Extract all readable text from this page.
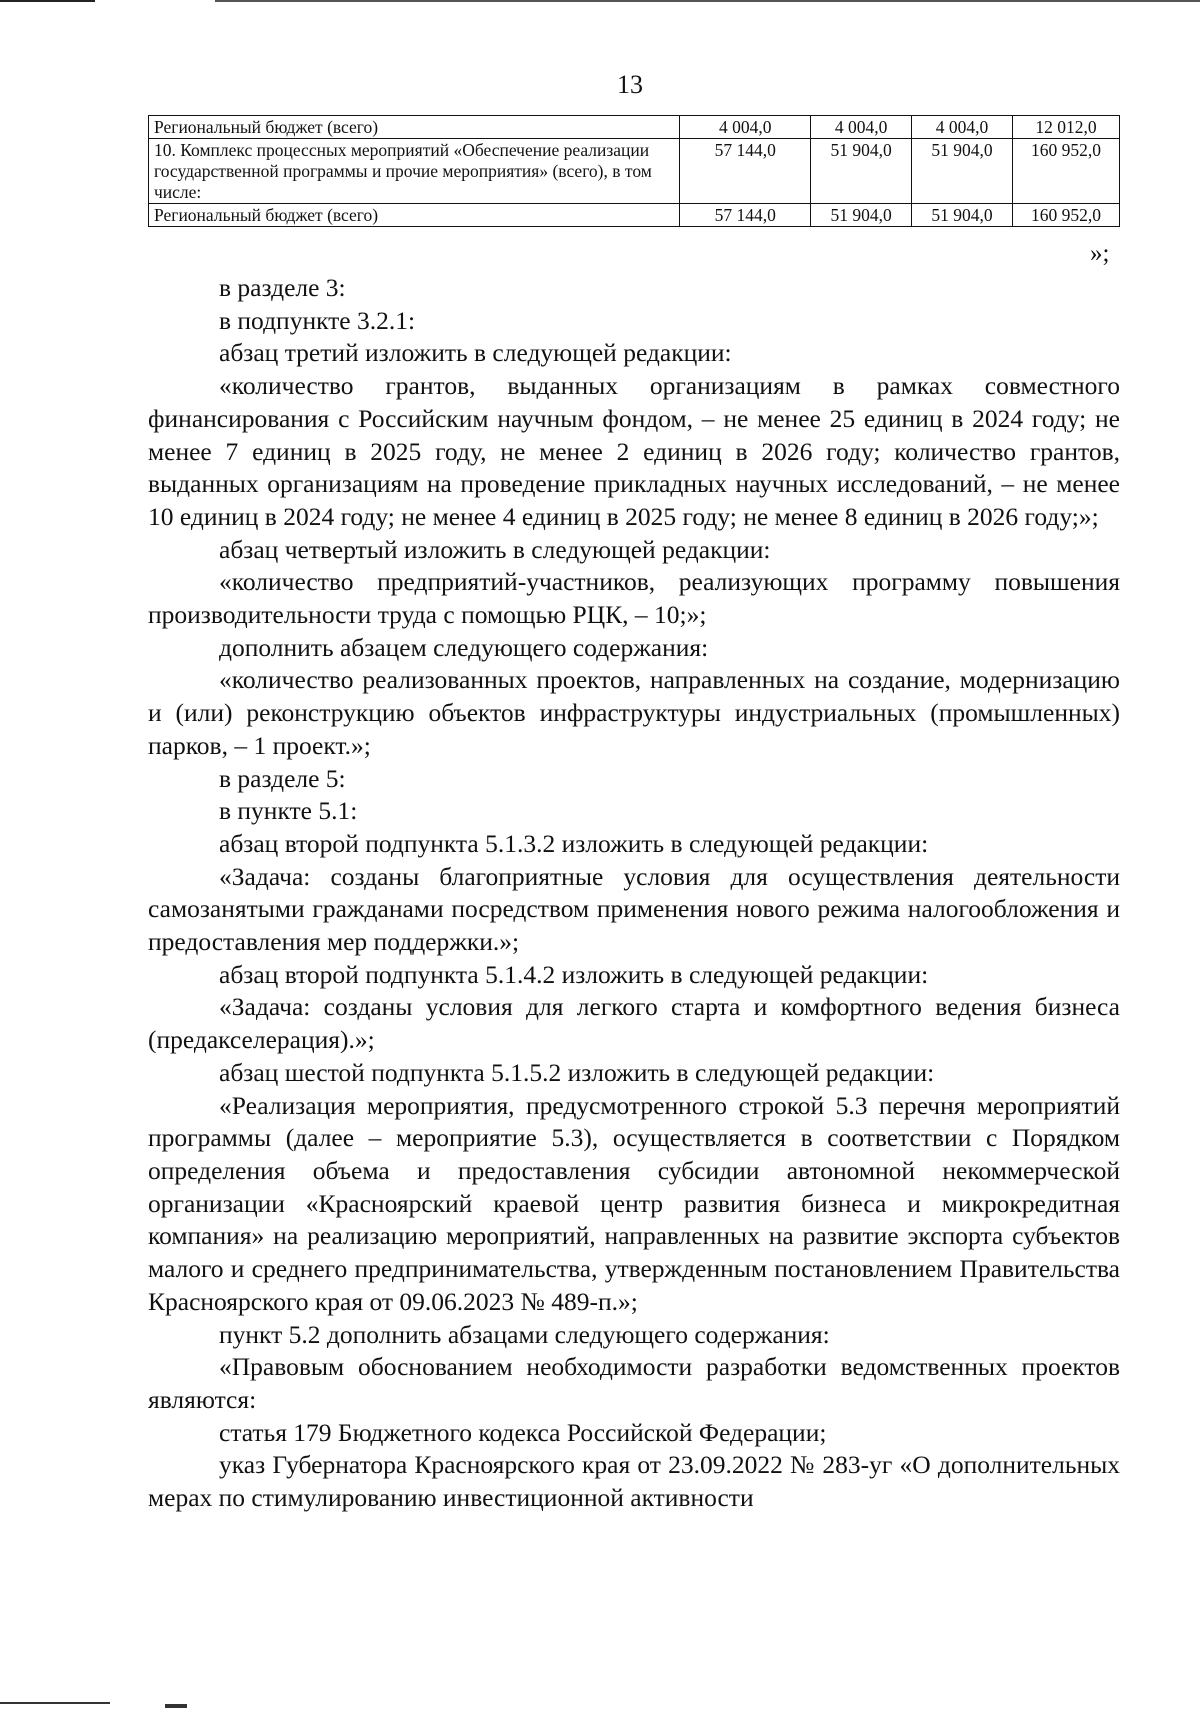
13
Региональный бюджет (всего)	4 004,0	4 004,0	4 004,0	12 012,0
10. Комплекс процессных мероприятий «Обеспечение реализации государственной программы и прочие мероприятия» (всего), в том числе:	57 144,0	51 904,0	51 904,0	160 952,0
Региональный бюджет (всего)	57 144,0	51 904,0	51 904,0	160 952,0
»;

в разделе 3:

в подпункте 3.2.1:

абзац третий изложить в следующей редакции:

«количество грантов, выданных организациям в рамках совместного финансирования с Российским научным фондом, – не менее 25 единиц в 2024 году; не менее 7 единиц в 2025 году, не менее 2 единиц в 2026 году; количество грантов, выданных организациям на проведение прикладных научных исследований, – не менее 10 единиц в 2024 году; не менее 4 единиц в 2025 году; не менее 8 единиц в 2026 году;»;

абзац четвертый изложить в следующей редакции:

«количество предприятий-участников, реализующих программу повышения производительности труда с помощью РЦК, – 10;»;

дополнить абзацем следующего содержания:

«количество реализованных проектов, направленных на создание, модернизацию и (или) реконструкцию объектов инфраструктуры индустриальных (промышленных) парков, – 1 проект.»;

в разделе 5:

в пункте 5.1:

абзац второй подпункта 5.1.3.2 изложить в следующей редакции:

«Задача: созданы благоприятные условия для осуществления деятельности самозанятыми гражданами посредством применения нового режима налогообложения и предоставления мер поддержки.»;

абзац второй подпункта 5.1.4.2 изложить в следующей редакции:

«Задача: созданы условия для легкого старта и комфортного ведения бизнеса (предакселерация).»;

абзац шестой подпункта 5.1.5.2 изложить в следующей редакции:

«Реализация мероприятия, предусмотренного строкой 5.3 перечня мероприятий программы (далее – мероприятие 5.3), осуществляется в соответствии с Порядком определения объема и предоставления субсидии автономной некоммерческой организации «Красноярский краевой центр развития бизнеса и микрокредитная компания» на реализацию мероприятий, направленных на развитие экспорта субъектов малого и среднего предпринимательства, утвержденным постановлением Правительства Красноярского края от 09.06.2023 № 489-п.»;

пункт 5.2 дополнить абзацами следующего содержания:

«Правовым обоснованием необходимости разработки ведомственных проектов являются:

статья 179 Бюджетного кодекса Российской Федерации;

указ Губернатора Красноярского края от 23.09.2022 № 283-уг «О дополнительных мерах по стимулированию инвестиционной активности
